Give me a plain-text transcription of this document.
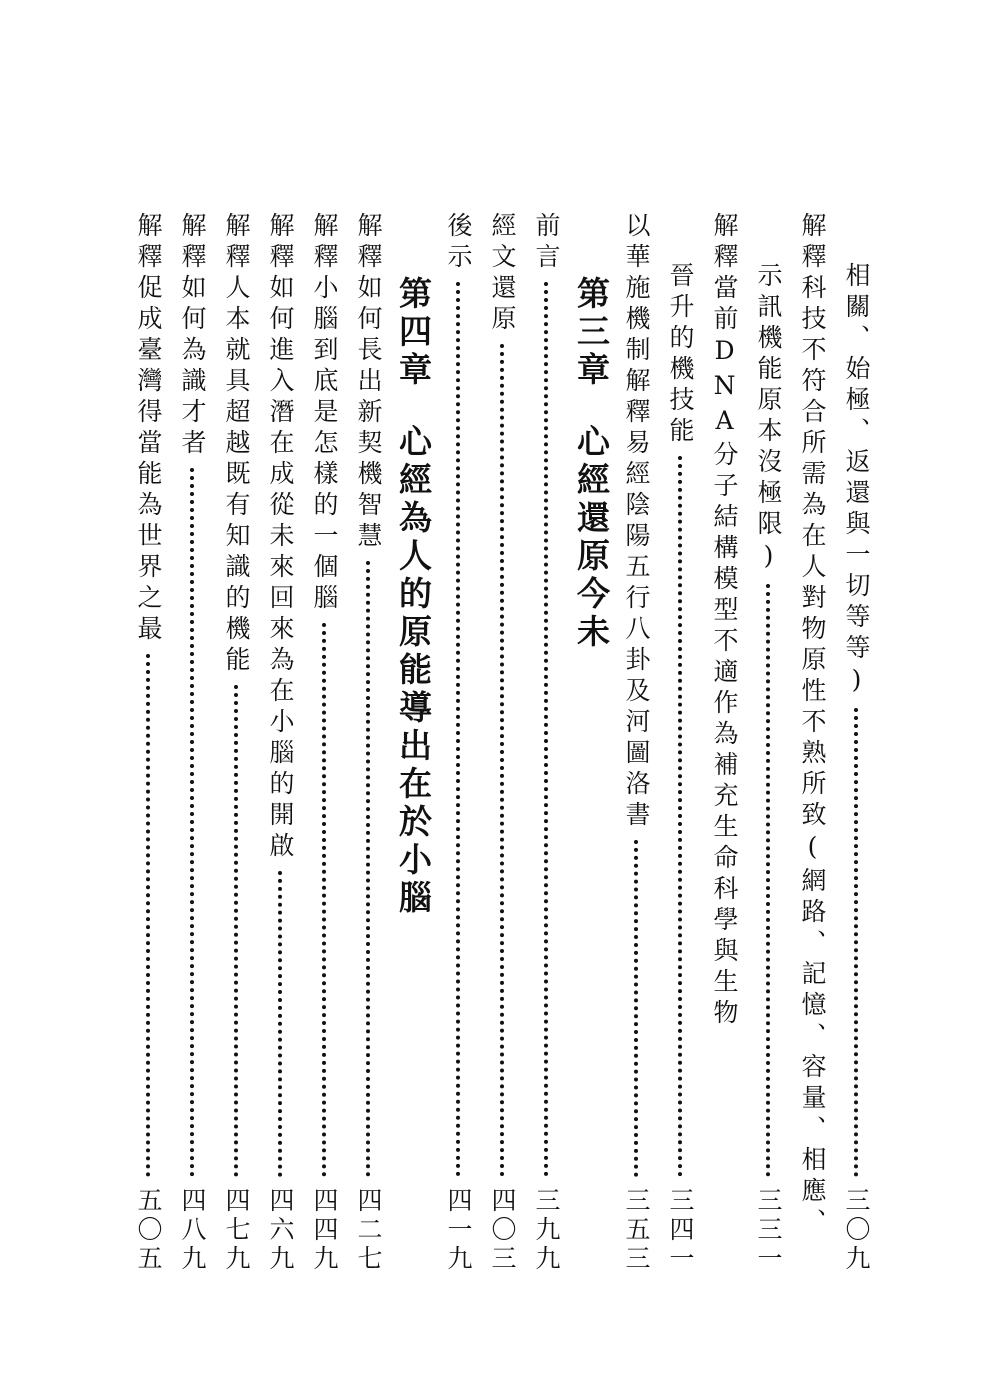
相關、始極、返還與一切等等)
三〇九
解釋科技不符合所需為在人對物原性不熟所致(網路、記憶、容量、相應、
示訊機能原本沒極限)
三三一
解釋當前DNA分子結構模型不適作為補充生命科學與生物
晉升的機技能
三四一
以華施機制解釋易經陰陽五行八卦及河圖洛書
三五三
第三章
心經還原今未
前言
三九九
經文還原
四〇三
後示
四一九
第四章
心經為人的原能導出在於小腦
解釋如何長出新契機智慧
四二七
解釋小腦到底是怎樣的一個腦
四四九
解釋如何進入潛在成從未來回來為在小腦的開啟
四六九
解釋人本就具超越既有知識的機能
四七九
解釋如何為識才者
四八九
解釋促成臺灣得當能為世界之最
五〇五
